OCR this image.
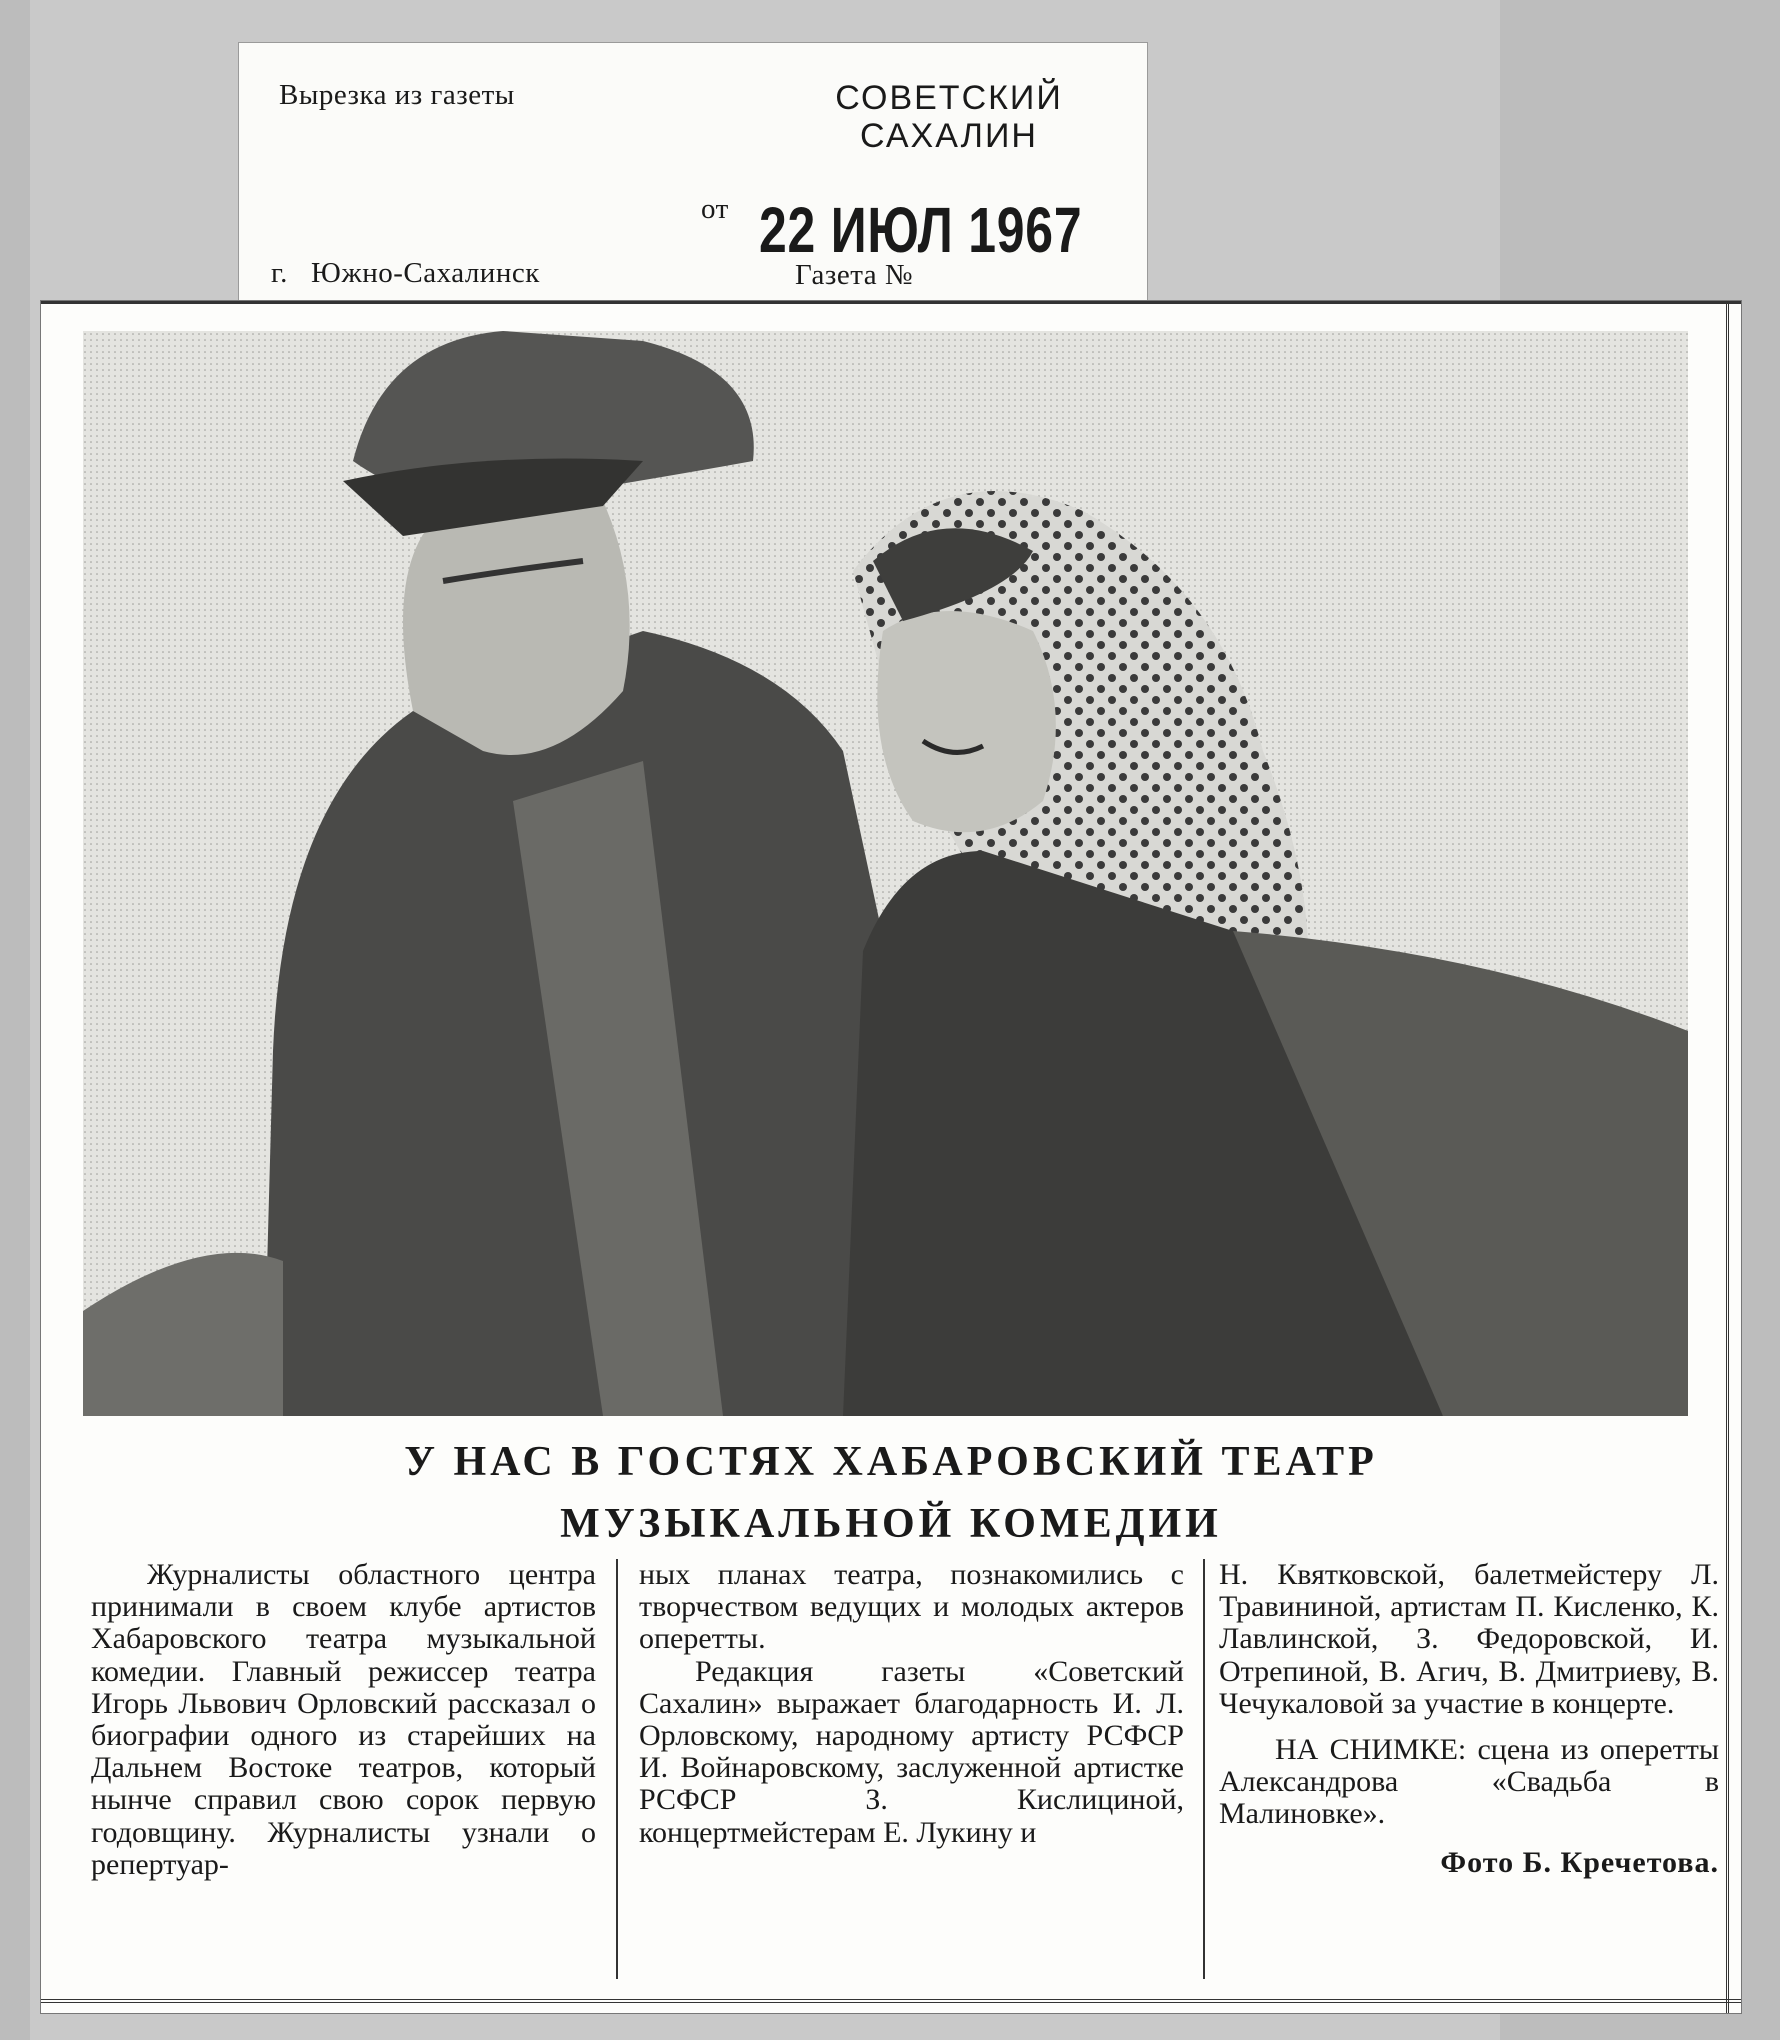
Вырезка из газеты	СОВЕТСКИЙ
САХАЛИН
от 22 ИЮЛ 1967
г. Южно-Сахалинск	Газета №
У НАС В ГОСТЯХ ХАБАРОВСКИЙ ТЕАТР
МУЗЫКАЛЬНОЙ КОМЕДИИ

Журналисты областного центра принимали в своем клубе артистов Хабаровского театра музыкальной комедии. Главный режиссер театра Игорь Львович Орловский рассказал о биографии одного из старейших на Дальнем Востоке театров, который нынче справил свою сорок первую годовщину. Журналисты узнали о репертуар-

ных планах театра, познакомились с творчеством ведущих и молодых актеров оперетты.

Редакция газеты «Советский Сахалин» выражает благодарность И. Л. Орловскому, народному артисту РСФСР И. Войнаровскому, заслуженной артистке РСФСР З. Кислициной, концертмейстерам Е. Лукину и

Н. Квятковской, балетмейстеру Л. Травининой, артистам П. Кисленко, К. Лавлинской, З. Федоровской, И. Отрепиной, В. Агич, В. Дмитриеву, В. Чечукаловой за участие в концерте.

НА СНИМКЕ: сцена из оперетты Александрова «Свадьба в Малиновке».

Фото Б. Кречетова.
